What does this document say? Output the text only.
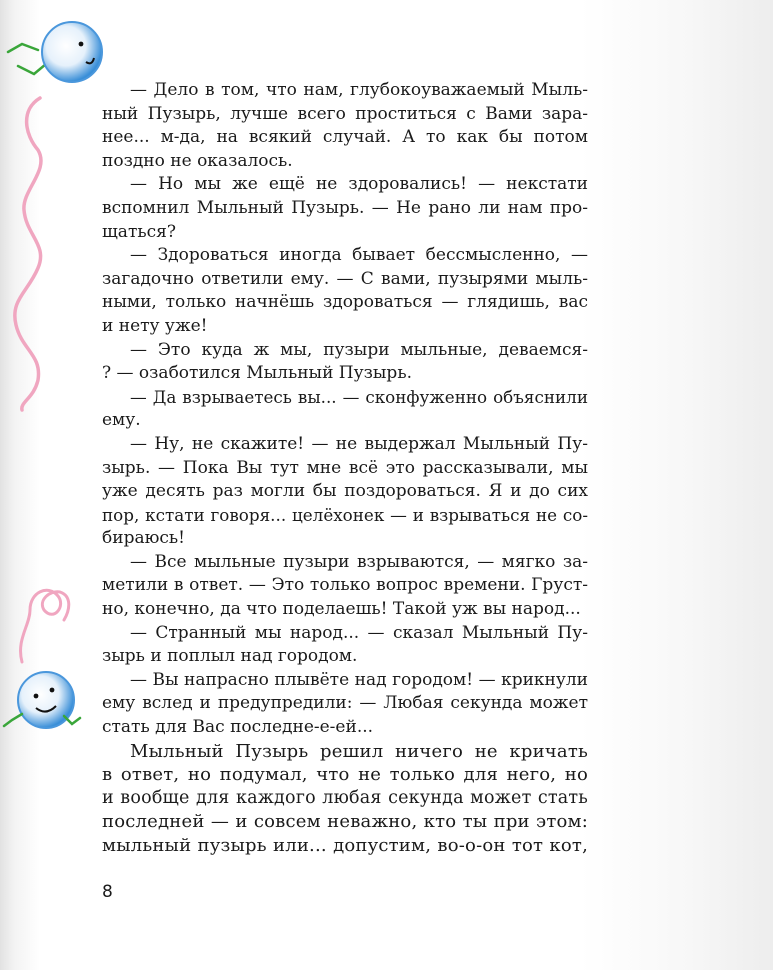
— Дело в том, что нам, глубокоуважаемый Мыль-
ный Пузырь, лучше всего проститься с Вами зара-
нее... м-да, на всякий случай. А то как бы потом
поздно не оказалось.
— Но мы же ещё не здоровались! — некстати
вспомнил Мыльный Пузырь. — Не рано ли нам про-
щаться?
— Здороваться иногда бывает бессмысленно, —
загадочно ответили ему. — С вами, пузырями мыль-
ными, только начнёшь здороваться — глядишь, вас
и нету уже!
— Это куда ж мы, пузыри мыльные, деваемся-
? — озаботился Мыльный Пузырь.
— Да взрываетесь вы... — сконфуженно объяснили
ему.
— Ну, не скажите! — не выдержал Мыльный Пу-
зырь. — Пока Вы тут мне всё это рассказывали, мы
уже десять раз могли бы поздороваться. Я и до сих
пор, кстати говоря... целёхонек — и взрываться не со-
бираюсь!
— Все мыльные пузыри взрываются, — мягко за-
метили в ответ. — Это только вопрос времени. Груст-
но, конечно, да что поделаешь! Такой уж вы народ...
— Странный мы народ... — сказал Мыльный Пу-
зырь и поплыл над городом.
— Вы напрасно плывёте над городом! — крикнули
ему вслед и предупредили: — Любая секунда может
стать для Вас последне-е-ей...
Мыльный Пузырь решил ничего не кричать
в ответ, но подумал, что не только для него, но
и вообще для каждого любая секунда может стать
последней — и совсем неважно, кто ты при этом:
мыльный пузырь или... допустим, во-о-он тот кот,
8
